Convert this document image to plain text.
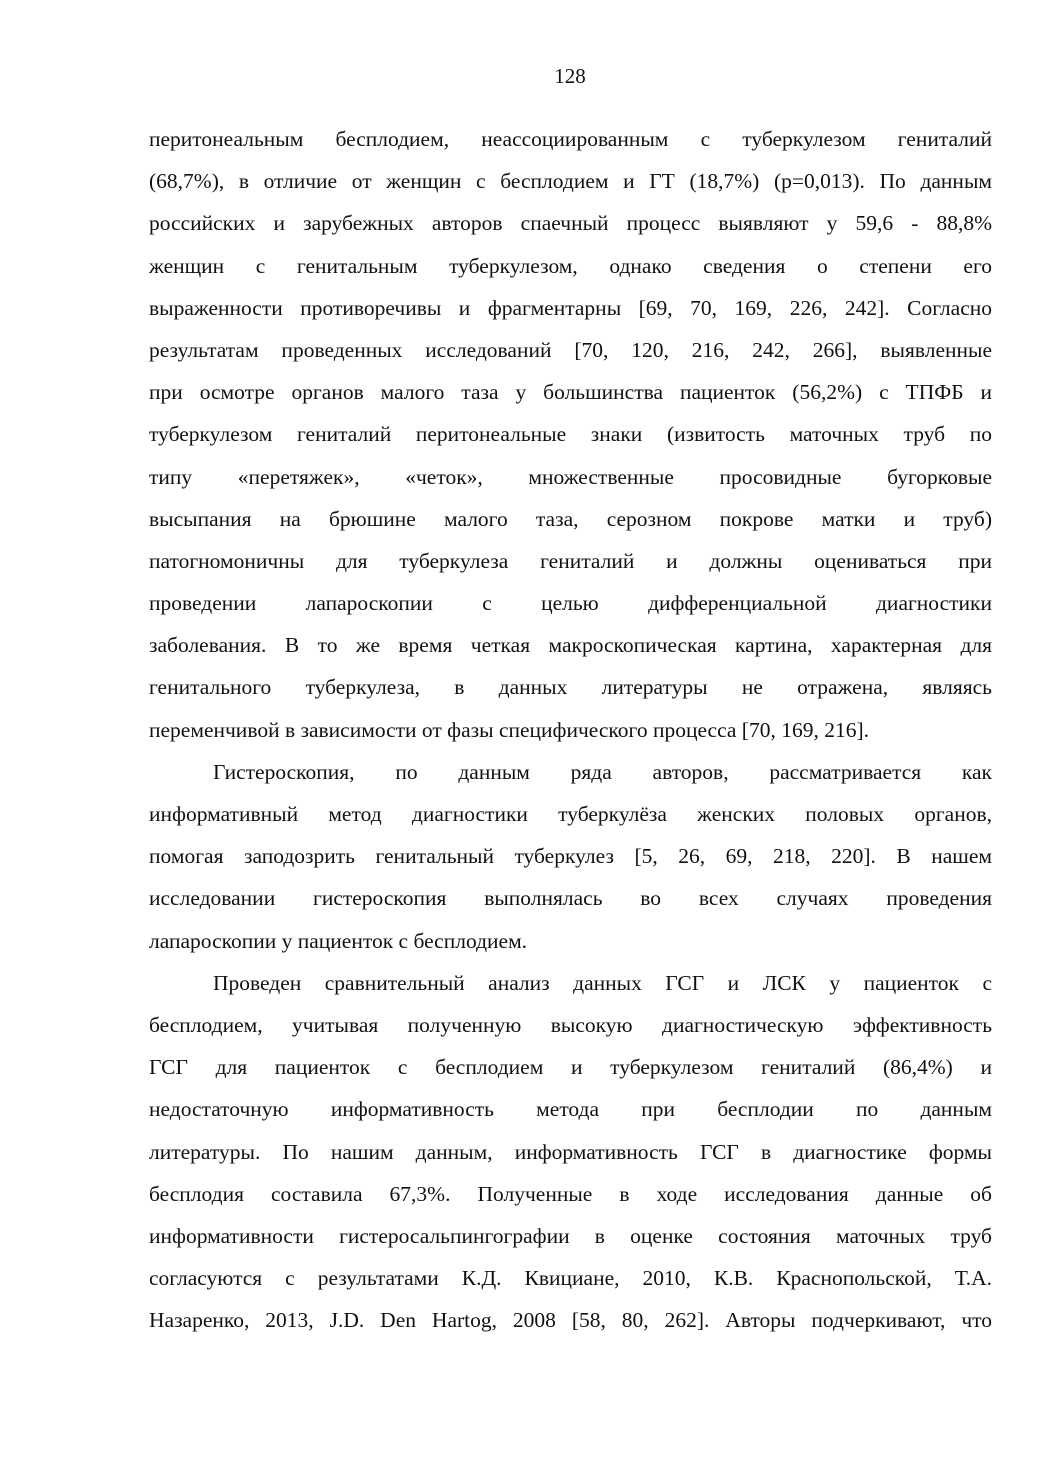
128
перитонеальным бесплодием, неассоциированным с туберкулезом гениталий
(68,7%), в отличие от женщин с бесплодием и ГТ (18,7%) (p=0,013). По данным
российских и зарубежных авторов спаечный процесс выявляют у 59,6 - 88,8%
женщин с генитальным туберкулезом, однако сведения о степени его
выраженности противоречивы и фрагментарны [69, 70, 169, 226, 242]. Согласно
результатам проведенных исследований [70, 120, 216, 242, 266], выявленные
при осмотре органов малого таза у большинства пациенток (56,2%) с ТПФБ и
туберкулезом гениталий перитонеальные знаки (извитость маточных труб по
типу «перетяжек», «четок», множественные просовидные бугорковые
высыпания на брюшине малого таза, серозном покрове матки и труб)
патогномоничны для туберкулеза гениталий и должны оцениваться при
проведении лапароскопии с целью дифференциальной диагностики
заболевания. В то же время четкая макроскопическая картина, характерная для
генитального туберкулеза, в данных литературы не отражена, являясь
переменчивой в зависимости от фазы специфического процесса [70, 169, 216].
Гистероскопия, по данным ряда авторов, рассматривается как
информативный метод диагностики туберкулёза женских половых органов,
помогая заподозрить генитальный туберкулез [5, 26, 69, 218, 220]. В нашем
исследовании гистероскопия выполнялась во всех случаях проведения
лапароскопии у пациенток с бесплодием.
Проведен сравнительный анализ данных ГСГ и ЛСК у пациенток с
бесплодием, учитывая полученную высокую диагностическую эффективность
ГСГ для пациенток с бесплодием и туберкулезом гениталий (86,4%) и
недостаточную информативность метода при бесплодии по данным
литературы. По нашим данным, информативность ГСГ в диагностике формы
бесплодия составила 67,3%. Полученные в ходе исследования данные об
информативности гистеросальпингографии в оценке состояния маточных труб
согласуются с результатами К.Д. Квициане, 2010, К.В. Краснопольской, Т.А.
Назаренко, 2013, J.D. Den Hartog, 2008 [58, 80, 262]. Авторы подчеркивают, что
